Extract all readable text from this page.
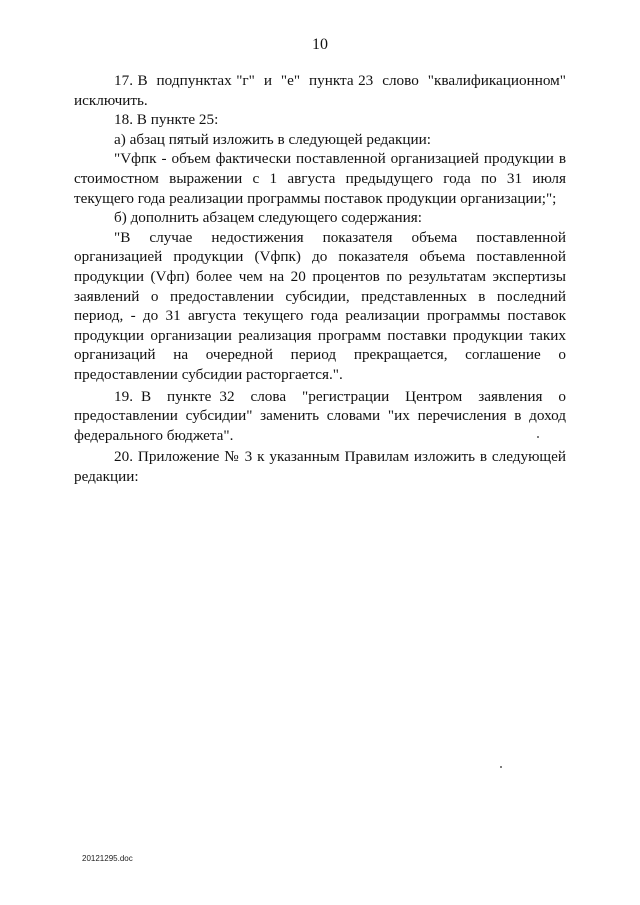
10

17. В  подпунктах "г"  и  "е"  пункта 23  слово  "квалификационном" исключить.

18. В пункте 25:

а) абзац пятый изложить в следующей редакции:

"Vфпк - объем фактически поставленной организацией продукции в стоимостном выражении с 1 августа предыдущего года по 31 июля текущего года реализации программы поставок продукции организации;";

б) дополнить абзацем следующего содержания:

"В случае недостижения показателя объема поставленной организацией продукции (Vфпк) до показателя объема поставленной продукции (Vфп) более чем на 20 процентов по результатам экспертизы заявлений о предоставлении субсидии, представленных в последний период, - до 31 августа текущего года реализации программы поставок продукции организации реализация программ поставки продукции таких организаций на очередной период прекращается, соглашение о предоставлении субсидии расторгается.".

19. В  пункте 32  слова  "регистрации  Центром  заявления  о предоставлении субсидии" заменить словами "их перечисления в доход федерального бюджета".

20. Приложение № 3 к указанным Правилам изложить в следующей редакции:

20121295.doc
